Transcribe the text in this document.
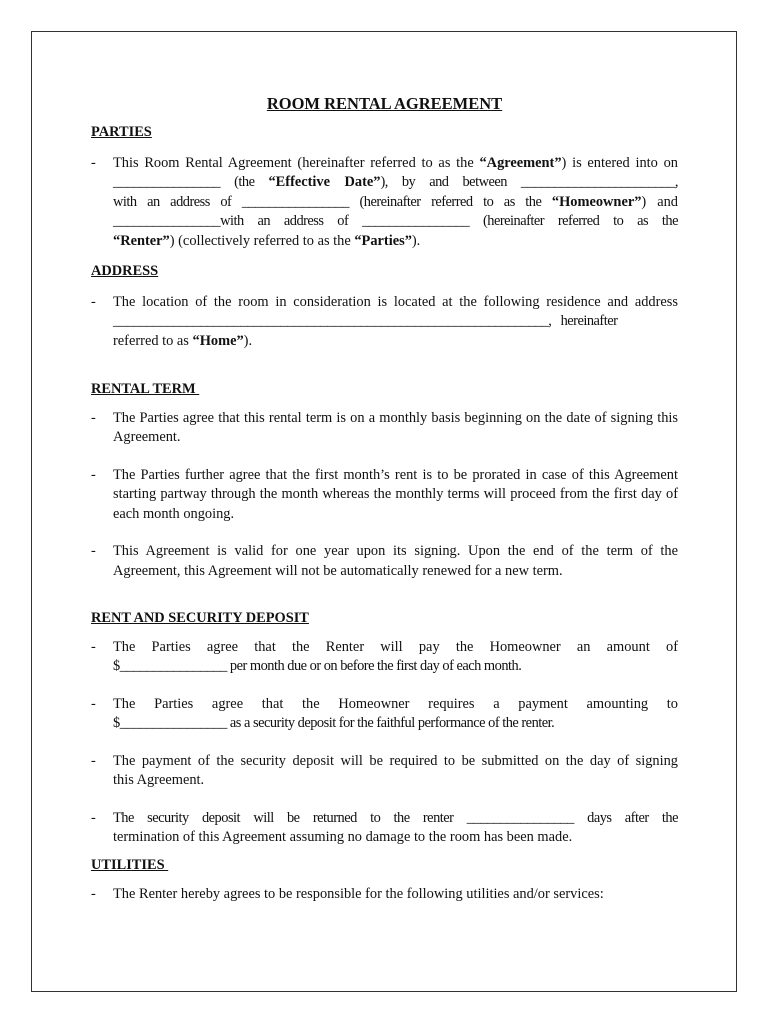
ROOM RENTAL AGREEMENT
PARTIES
- This Room Rental Agreement (hereinafter referred to as the “Agreement”) is entered into on
________________ (the “Effective Date”), by and between _______________________,
with an address of ________________ (hereinafter referred to as the “Homeowner”) and
________________with an address of ________________ (hereinafter referred to as the
“Renter”) (collectively referred to as the “Parties”).
ADDRESS
- The location of the room in consideration is located at the following residence and address
_________________________________________________________________,   hereinafter
referred to as “Home”).
RENTAL TERM
- The Parties agree that this rental term is on a monthly basis beginning on the date of signing this Agreement.
- The Parties further agree that the first month’s rent is to be prorated in case of this Agreement starting partway through the month whereas the monthly terms will proceed from the first day of each month ongoing.
- This Agreement is valid for one year upon its signing. Upon the end of the term of the Agreement, this Agreement will not be automatically renewed for a new term.
RENT AND SECURITY DEPOSIT
- The Parties agree that the Renter will pay the Homeowner an amount of
$________________ per month due or on before the first day of each month.
- The Parties agree that the Homeowner requires a payment amounting to
$________________ as a security deposit for the faithful performance of the renter.
- The payment of the security deposit will be required to be submitted on the day of signing
this Agreement.
- The security deposit will be returned to the renter ________________ days after the
termination of this Agreement assuming no damage to the room has been made.
UTILITIES
- The Renter hereby agrees to be responsible for the following utilities and/or services:
